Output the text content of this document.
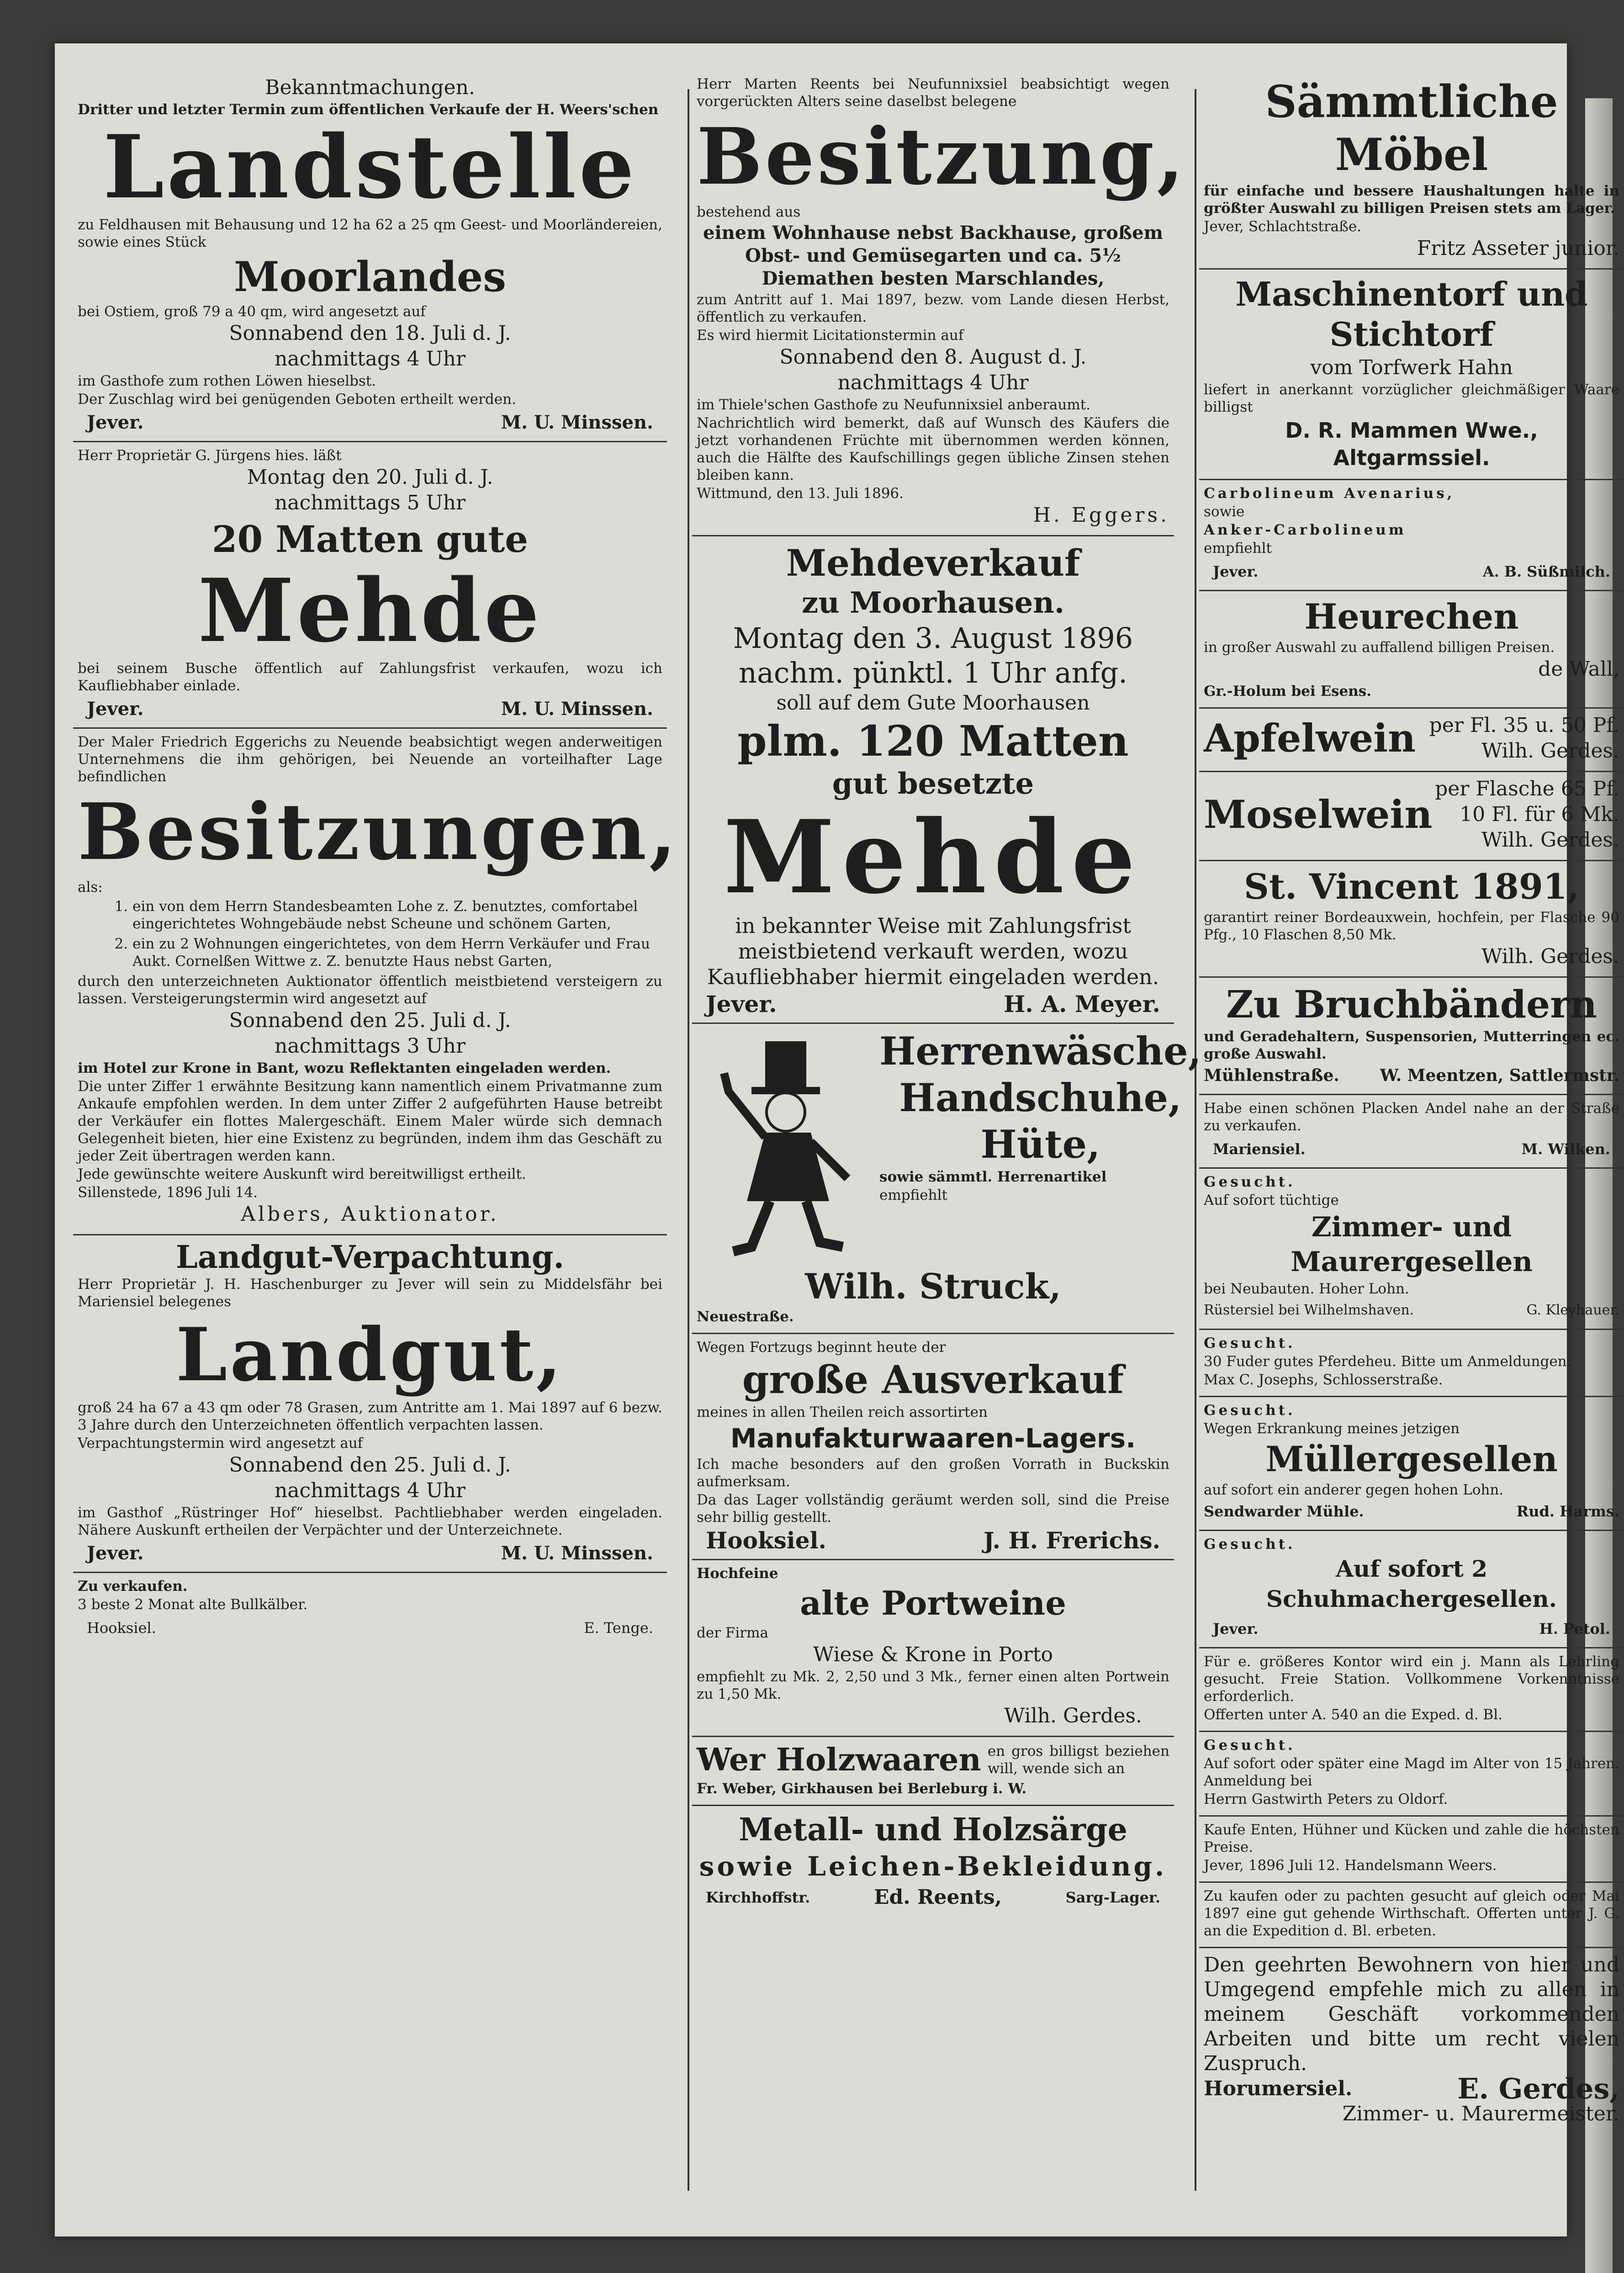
Bekanntmachungen.

Dritter und letzter Termin zum öffentlichen Verkaufe der H. Weers'schen

Landstelle

zu Feldhausen mit Behausung und 12 ha 62 a 25 qm Geest- und Moorländereien, sowie eines Stück

Moorlandes

bei Ostiem, groß 79 a 40 qm, wird angesetzt auf

Sonnabend den 18. Juli d. J.

nachmittags 4 Uhr

im Gasthofe zum rothen Löwen hieselbst.

Der Zuschlag wird bei genügenden Geboten ertheilt werden.

Jever.	M. U. Minssen.

Herr Proprietär G. Jürgens hies. läßt

Montag den 20. Juli d. J.

nachmittags 5 Uhr

20 Matten gute

Mehde

bei seinem Busche öffentlich auf Zahlungsfrist verkaufen, wozu ich Kaufliebhaber einlade.

Jever.	M. U. Minssen.

Der Maler Friedrich Eggerichs zu Neuende beabsichtigt wegen anderweitigen Unternehmens die ihm gehörigen, bei Neuende an vorteilhafter Lage befindlichen

Besitzungen,

als:

1. ein von dem Herrn Standesbeamten Lohe z. Z. benutztes, comfortabel eingerichtetes Wohngebäude nebst Scheune und schönem Garten,
2. ein zu 2 Wohnungen eingerichtetes, von dem Herrn Verkäufer und Frau Aukt. Cornelßen Wittwe z. Z. benutzte Haus nebst Garten,

durch den unterzeichneten Auktionator öffentlich meistbietend versteigern zu lassen. Versteigerungstermin wird angesetzt auf

Sonnabend den 25. Juli d. J.

nachmittags 3 Uhr

im Hotel zur Krone in Bant, wozu Reflektanten eingeladen werden.

Die unter Ziffer 1 erwähnte Besitzung kann namentlich einem Privatmanne zum Ankaufe empfohlen werden. In dem unter Ziffer 2 aufgeführten Hause betreibt der Verkäufer ein flottes Malergeschäft. Einem Maler würde sich demnach Gelegenheit bieten, hier eine Existenz zu begründen, indem ihm das Geschäft zu jeder Zeit übertragen werden kann.

Jede gewünschte weitere Auskunft wird bereitwilligst ertheilt.

Sillenstede, 1896 Juli 14.

Albers, Auktionator.

Landgut-Verpachtung.

Herr Proprietär J. H. Haschenburger zu Jever will sein zu Middelsfähr bei Mariensiel belegenes

Landgut,

groß 24 ha 67 a 43 qm oder 78 Grasen, zum Antritte am 1. Mai 1897 auf 6 bezw. 3 Jahre durch den Unterzeichneten öffentlich verpachten lassen.

Verpachtungstermin wird angesetzt auf

Sonnabend den 25. Juli d. J.

nachmittags 4 Uhr

im Gasthof „Rüstringer Hof“ hieselbst. Pachtliebhaber werden eingeladen. Nähere Auskunft ertheilen der Verpächter und der Unterzeichnete.

Jever.	M. U. Minssen.

Zu verkaufen.

3 beste 2 Monat alte Bullkälber.

Hooksiel.	E. Tenge.

Herr Marten Reents bei Neufunnixsiel beabsichtigt wegen vorgerückten Alters seine daselbst belegene

Besitzung,

bestehend aus

einem Wohnhause nebst Backhause, großem Obst- und Gemüsegarten und ca. 5½ Diemathen besten Marschlandes,

zum Antritt auf 1. Mai 1897, bezw. vom Lande diesen Herbst, öffentlich zu verkaufen.

Es wird hiermit Licitationstermin auf

Sonnabend den 8. August d. J.

nachmittags 4 Uhr

im Thiele'schen Gasthofe zu Neufunnixsiel anberaumt.

Nachrichtlich wird bemerkt, daß auf Wunsch des Käufers die jetzt vorhandenen Früchte mit übernommen werden können, auch die Hälfte des Kaufschillings gegen übliche Zinsen stehen bleiben kann.

Wittmund, den 13. Juli 1896.

H. Eggers.

Mehdeverkauf

zu Moorhausen.

Montag den 3. August 1896

nachm. pünktl. 1 Uhr anfg.

soll auf dem Gute Moorhausen

plm. 120 Matten

gut besetzte

Mehde

in bekannter Weise mit Zahlungsfrist meistbietend verkauft werden, wozu Kaufliebhaber hiermit eingeladen werden.

Jever.	H. A. Meyer.

Herrenwäsche,

Handschuhe,

Hüte,

sowie sämmtl. Herrenartikel

empfiehlt

Wilh. Struck,

Neuestraße.

Wegen Fortzugs beginnt heute der

große Ausverkauf

meines in allen Theilen reich assortirten

Manufakturwaaren-Lagers.

Ich mache besonders auf den großen Vorrath in Buckskin aufmerksam.

Da das Lager vollständig geräumt werden soll, sind die Preise sehr billig gestellt.

Hooksiel.	J. H. Frerichs.

Hochfeine

alte Portweine

der Firma

Wiese & Krone in Porto

empfiehlt zu Mk. 2, 2,50 und 3 Mk., ferner einen alten Portwein zu 1,50 Mk.

Wilh. Gerdes.

Wer Holzwaaren en gros billigst beziehen will, wende sich an

Fr. Weber, Girkhausen bei Berleburg i. W.

Metall- und Holzsärge

sowie Leichen-Bekleidung.

Kirchhoffstr.	Ed. Reents,	Sarg-Lager.

Sämmtliche Möbel

für einfache und bessere Haushaltungen halte in größter Auswahl zu billigen Preisen stets am Lager.

Jever, Schlachtstraße.

Fritz Asseter junior.

Maschinentorf und Stichtorf

vom Torfwerk Hahn

liefert in anerkannt vorzüglicher gleichmäßiger Waare billigst

D. R. Mammen Wwe., Altgarmssiel.

Carbolineum Avenarius,

sowie

Anker-Carbolineum

empfiehlt

Jever.	A. B. Süßmilch.

Heurechen

in großer Auswahl zu auffallend billigen Preisen.

de Wall,

Gr.-Holum bei Esens.

Apfelwein per Fl. 35 u. 50 Pf.

Wilh. Gerdes.

Moselwein

per Flasche 65 Pf.

10 Fl. für 6 Mk.

Wilh. Gerdes.

St. Vincent 1891,

garantirt reiner Bordeauxwein, hochfein, per Flasche 90 Pfg., 10 Flaschen 8,50 Mk.

Wilh. Gerdes.

Zu Bruchbändern

und Geradehaltern, Suspensorien, Mutterringen ec. große Auswahl.

Mühlenstraße. W. Meentzen, Sattlermstr.

Habe einen schönen Placken Andel nahe an der Straße zu verkaufen.

Mariensiel.	M. Wilken.

Gesucht.

Auf sofort tüchtige

Zimmer- und Maurergesellen

bei Neubauten. Hoher Lohn.

Rüstersiel bei Wilhelmshaven.	G. Kleyhauer.

Gesucht.

30 Fuder gutes Pferdeheu. Bitte um Anmeldungen.

Max C. Josephs, Schlosserstraße.

Gesucht.

Wegen Erkrankung meines jetzigen

Müllergesellen

auf sofort ein anderer gegen hohen Lohn.

Sendwarder Mühle.	Rud. Harms.

Gesucht.

Auf sofort 2 Schuhmachergesellen.

Jever.	H. Petol.

Für e. größeres Kontor wird ein j. Mann als Lehrling gesucht. Freie Station. Vollkommene Vorkenntnisse erforderlich.

Offerten unter A. 540 an die Exped. d. Bl.

Gesucht.

Auf sofort oder später eine Magd im Alter von 15 Jahren. Anmeldung bei

Herrn Gastwirth Peters zu Oldorf.

Kaufe Enten, Hühner und Kücken und zahle die höchsten Preise.

Jever, 1896 Juli 12. Handelsmann Weers.

Zu kaufen oder zu pachten gesucht auf gleich oder Mai 1897 eine gut gehende Wirthschaft. Offerten unter J. G. an die Expedition d. Bl. erbeten.

Den geehrten Bewohnern von hier und Umgegend empfehle mich zu allen in meinem Geschäft vorkommenden Arbeiten und bitte um recht vielen Zuspruch.

Horumersiel.	E. Gerdes,

Zimmer- u. Maurermeister.
